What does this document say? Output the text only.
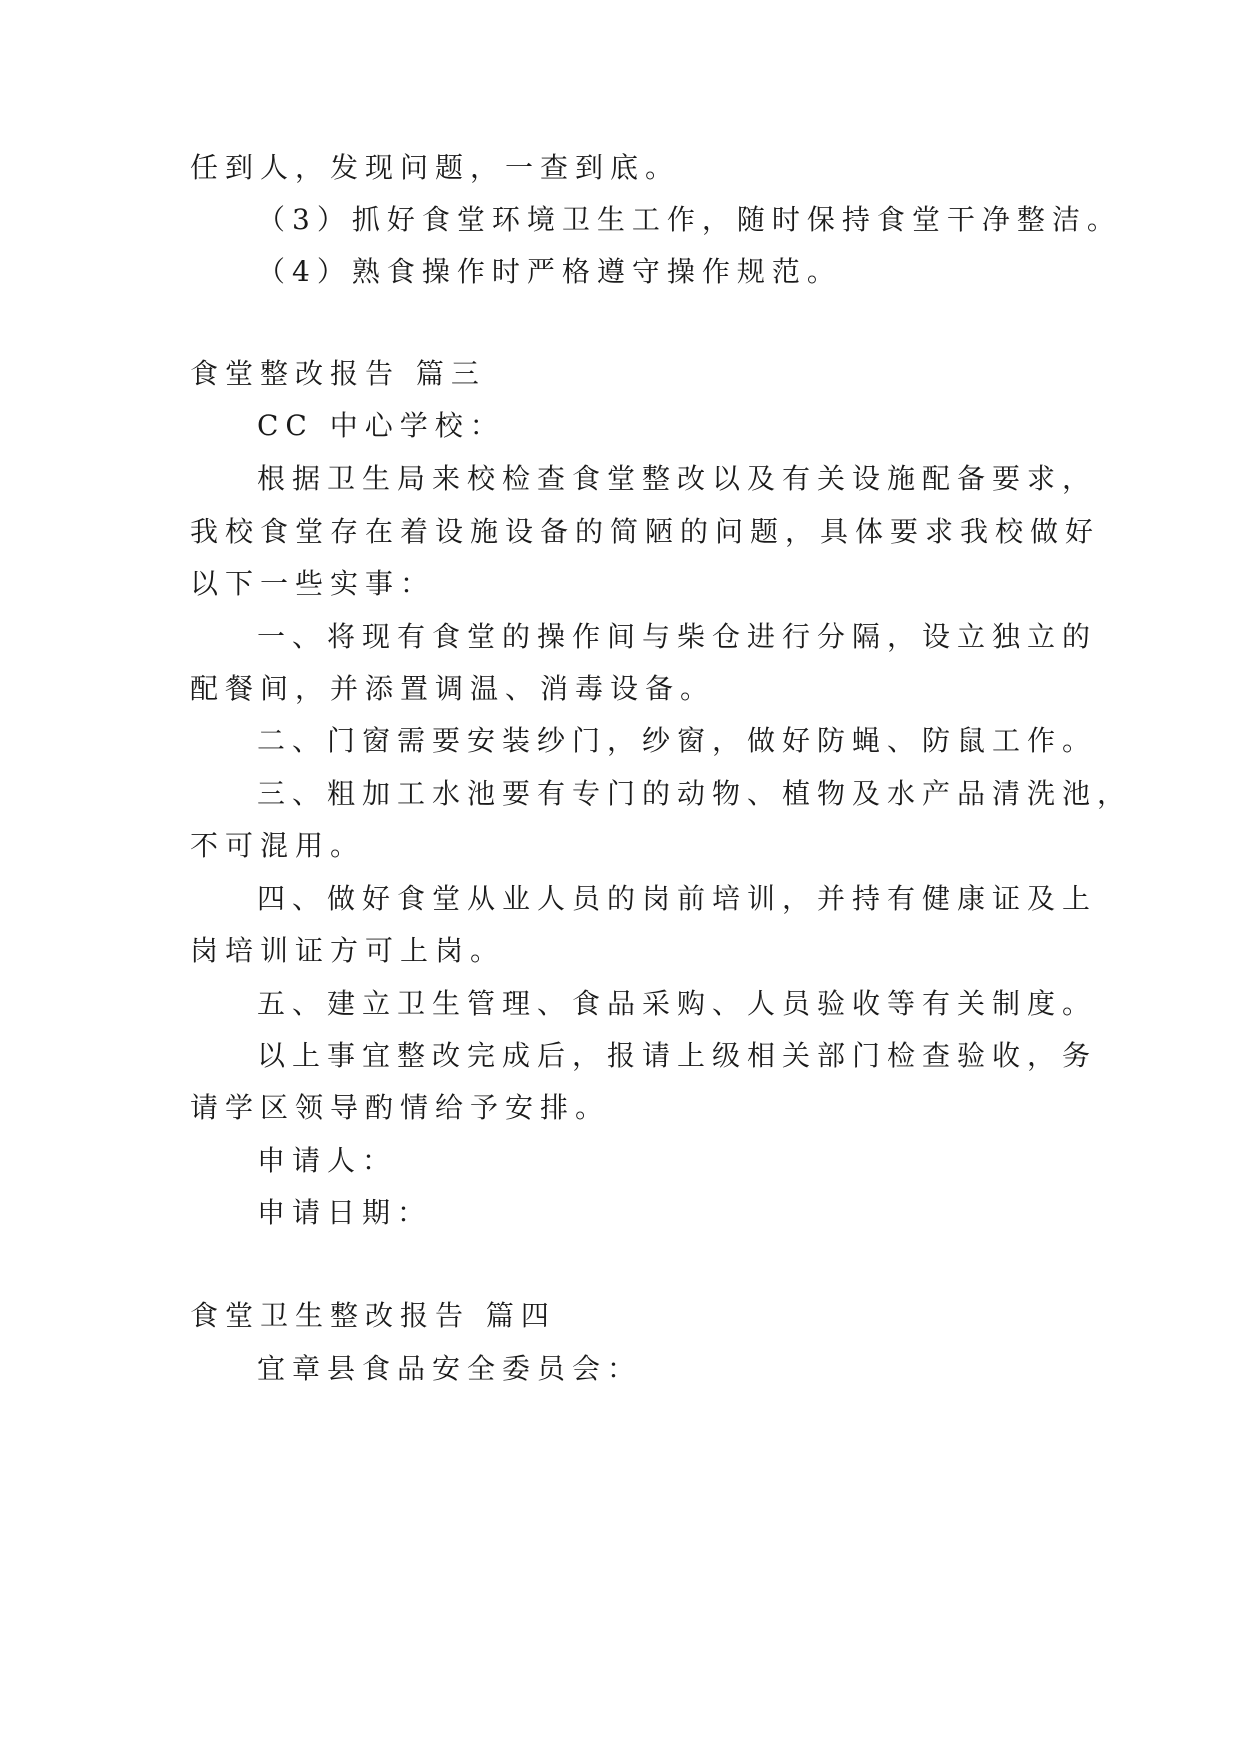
任到人，发现问题，一查到底。
（3）抓好食堂环境卫生工作，随时保持食堂干净整洁。
（4）熟食操作时严格遵守操作规范。
食堂整改报告 篇三
CC 中心学校：
根据卫生局来校检查食堂整改以及有关设施配备要求，
我校食堂存在着设施设备的简陋的问题，具体要求我校做好
以下一些实事：
一、将现有食堂的操作间与柴仓进行分隔，设立独立的
配餐间，并添置调温、消毒设备。
二、门窗需要安装纱门，纱窗，做好防蝇、防鼠工作。
三、粗加工水池要有专门的动物、植物及水产品清洗池，
不可混用。
四、做好食堂从业人员的岗前培训，并持有健康证及上
岗培训证方可上岗。
五、建立卫生管理、食品采购、人员验收等有关制度。
以上事宜整改完成后，报请上级相关部门检查验收，务
请学区领导酌情给予安排。
申请人：
申请日期：
食堂卫生整改报告 篇四
宜章县食品安全委员会：
